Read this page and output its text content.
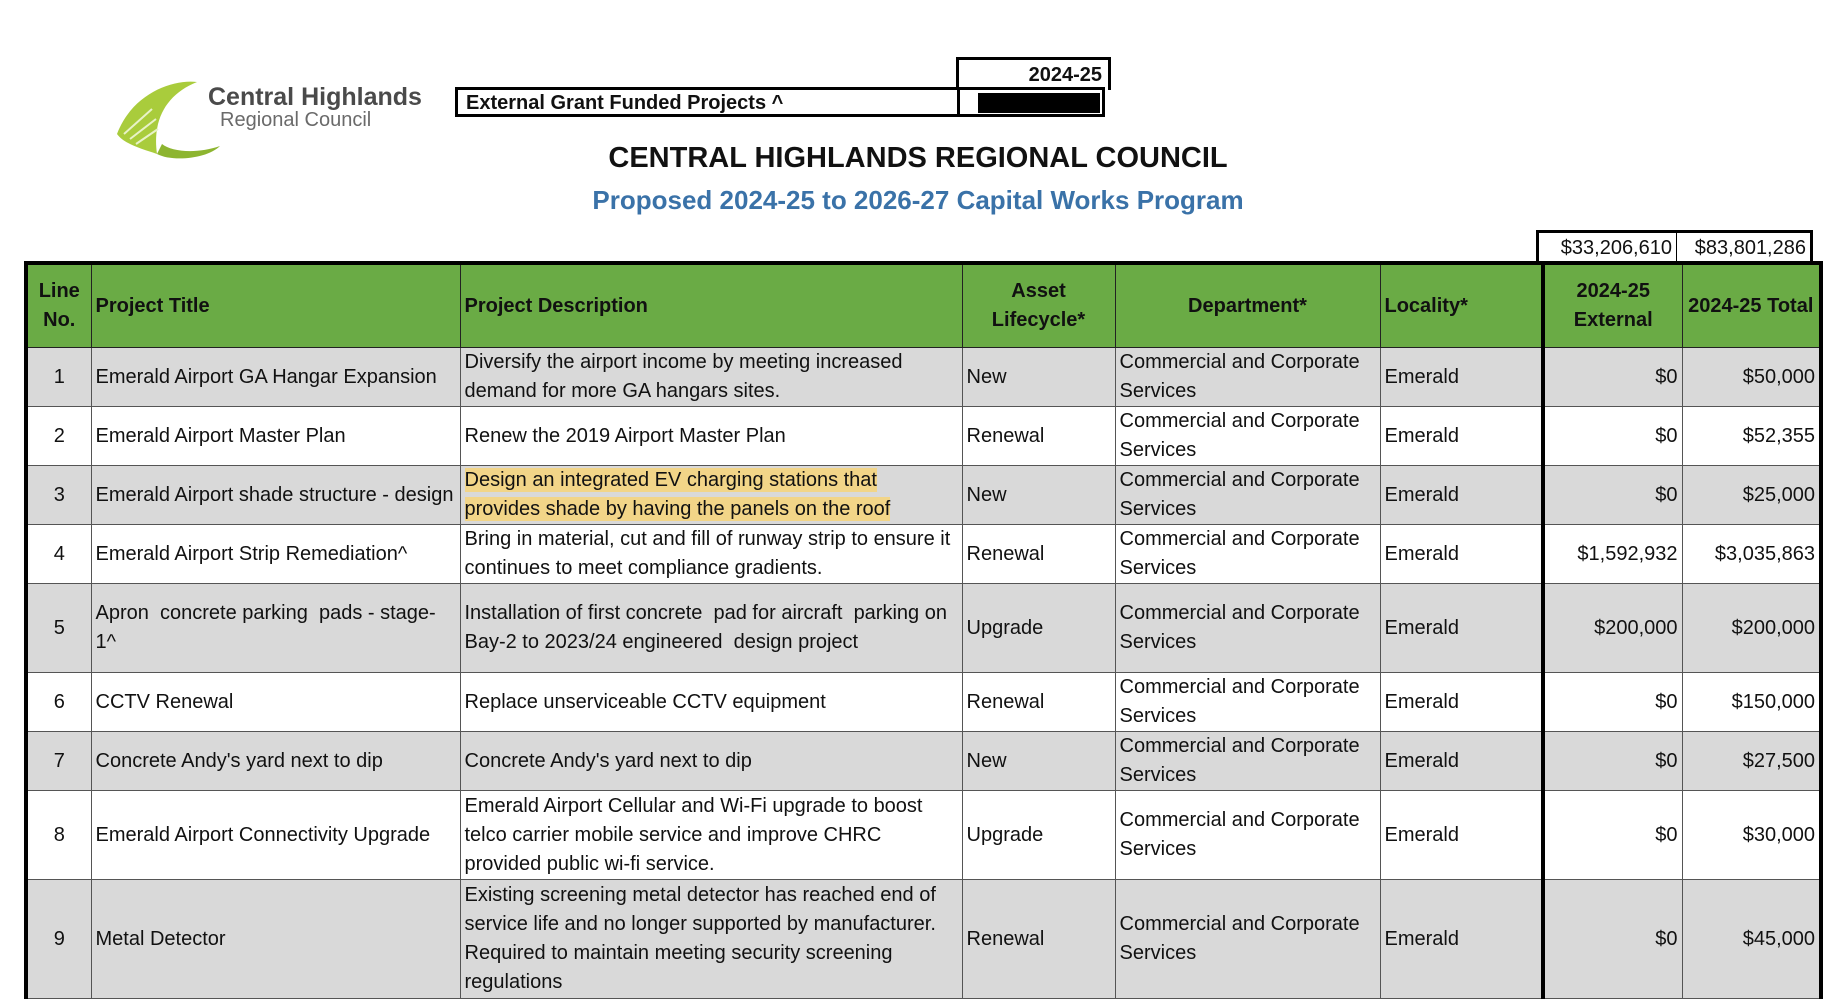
Central Highlands
Regional Council
2024-25
External Grant Funded Projects ^
CENTRAL HIGHLANDS REGIONAL COUNCIL
Proposed 2024-25 to 2026-27 Capital Works Program
$33,206,610	$83,801,286
Line No.	Project Title	Project Description	Asset Lifecycle*	Department*	Locality*	2024-25 External	2024-25 Total
1	Emerald Airport GA Hangar Expansion	Diversify the airport income by meeting increased demand for more GA hangars sites.	New	Commercial and Corporate Services	Emerald	$0	$50,000
2	Emerald Airport Master Plan	Renew the 2019 Airport Master Plan	Renewal	Commercial and Corporate Services	Emerald	$0	$52,355
3	Emerald Airport shade structure - design	Design an integrated EV charging stations that provides shade by having the panels on the roof	New	Commercial and Corporate Services	Emerald	$0	$25,000
4	Emerald Airport Strip Remediation^	Bring in material, cut and fill of runway strip to ensure it continues to meet compliance gradients.	Renewal	Commercial and Corporate Services	Emerald	$1,592,932	$3,035,863
5	Apron  concrete parking  pads - stage-1^	Installation of first concrete  pad for aircraft  parking on Bay-2 to 2023/24 engineered  design project	Upgrade	Commercial and Corporate Services	Emerald	$200,000	$200,000
6	CCTV Renewal	Replace unserviceable CCTV equipment	Renewal	Commercial and Corporate Services	Emerald	$0	$150,000
7	Concrete Andy's yard next to dip	Concrete Andy's yard next to dip	New	Commercial and Corporate Services	Emerald	$0	$27,500
8	Emerald Airport Connectivity Upgrade	Emerald Airport Cellular and Wi-Fi upgrade to boost telco carrier mobile service and improve CHRC provided public wi-fi service.	Upgrade	Commercial and Corporate Services	Emerald	$0	$30,000
9	Metal Detector	Existing screening metal detector has reached end of service life and no longer supported by manufacturer. Required to maintain meeting security screening regulations	Renewal	Commercial and Corporate Services	Emerald	$0	$45,000
